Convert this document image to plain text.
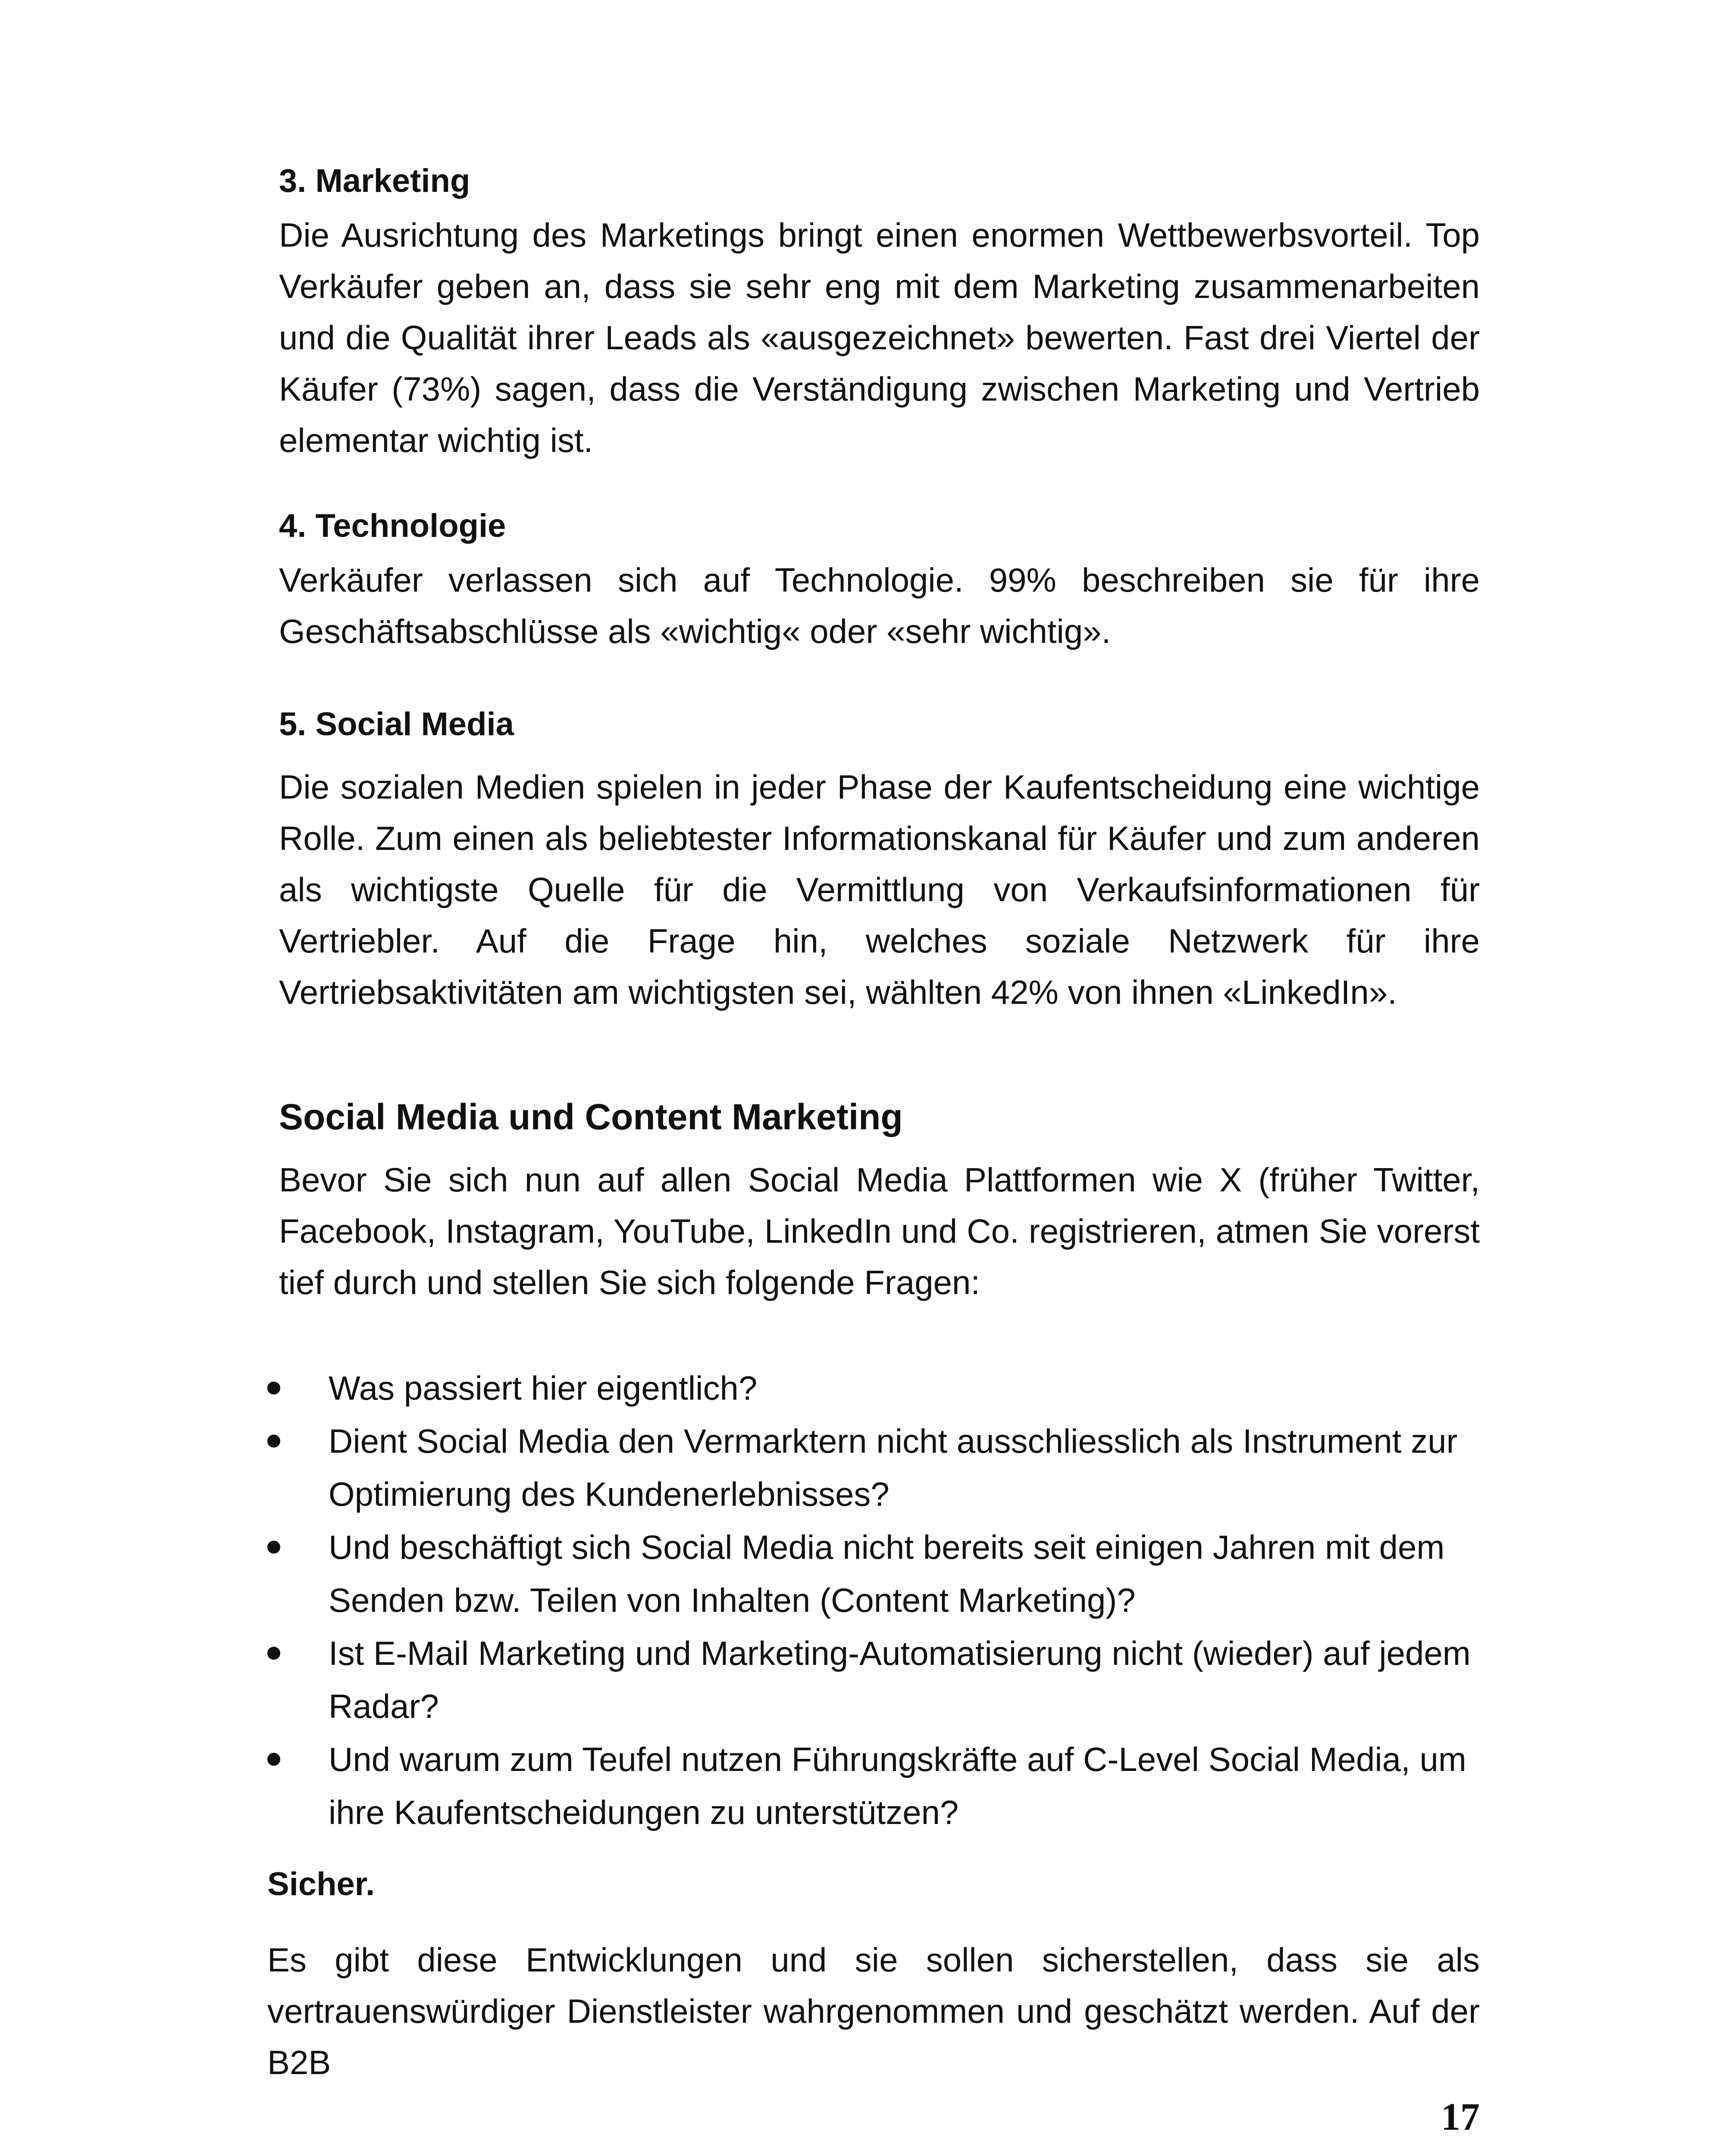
3. Marketing

Die Ausrichtung des Marketings bringt einen enormen Wettbewerbsvorteil. Top Verkäufer geben an, dass sie sehr eng mit dem Marketing zusammenarbeiten und die Qualität ihrer Leads als «ausgezeichnet» bewerten. Fast drei Viertel der Käufer (73%) sagen, dass die Verständigung zwischen Marketing und Vertrieb elementar wichtig ist.

4. Technologie

Verkäufer verlassen sich auf Technologie. 99% beschreiben sie für ihre Geschäftsabschlüsse als «wichtig« oder «sehr wichtig».

5. Social Media

Die sozialen Medien spielen in jeder Phase der Kaufentscheidung eine wichtige Rolle. Zum einen als beliebtester Informationskanal für Käufer und zum anderen als wichtigste Quelle für die Vermittlung von Verkaufsinformationen für Vertriebler. Auf die Frage hin, welches soziale Netzwerk für ihre Vertriebsaktivitäten am wichtigsten sei, wählten 42% von ihnen «LinkedIn».

Social Media und Content Marketing

Bevor Sie sich nun auf allen Social Media Plattformen wie X (früher Twitter, Facebook, Instagram, YouTube, LinkedIn und Co. registrieren, atmen Sie vorerst tief durch und stellen Sie sich folgende Fragen:

Was passiert hier eigentlich?
Dient Social Media den Vermarktern nicht ausschliesslich als Instrument zur Optimierung des Kundenerlebnisses?
Und beschäftigt sich Social Media nicht bereits seit einigen Jahren mit dem Senden bzw. Teilen von Inhalten (Content Marketing)?
Ist E-Mail Marketing und Marketing-Automatisierung nicht (wieder) auf jedem Radar?
Und warum zum Teufel nutzen Führungskräfte auf C-Level Social Media, um ihre Kaufentscheidungen zu unterstützen?
Sicher.

Es gibt diese Entwicklungen und sie sollen sicherstellen, dass sie als vertrauenswürdiger Dienstleister wahrgenommen und geschätzt werden. Auf der B2B

17
